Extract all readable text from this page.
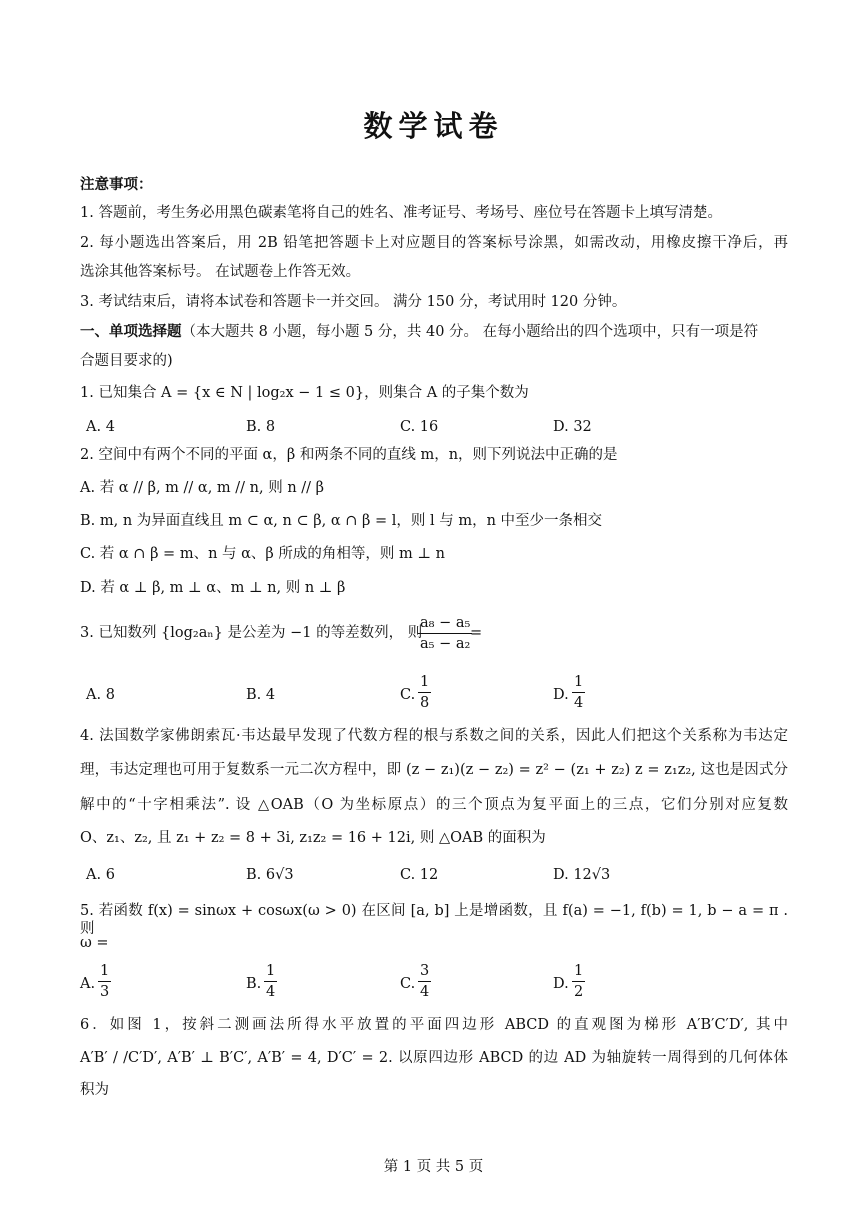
数学试卷
注意事项：
1. 答题前，考生务必用黑色碳素笔将自己的姓名、准考证号、考场号、座位号在答题卡上填写清楚。
2. 每小题选出答案后，用 2B 铅笔把答题卡上对应题目的答案标号涂黑，如需改动，用橡皮擦干净后，再
选涂其他答案标号。 在试题卷上作答无效。
3. 考试结束后，请将本试卷和答题卡一并交回。 满分 150 分，考试用时 120 分钟。
一、单项选择题（本大题共 8 小题，每小题 5 分，共 40 分。 在每小题给出的四个选项中，只有一项是符
合题目要求的)
1. 已知集合 A = {x ∈ N | log₂x − 1 ≤ 0}，则集合 A 的子集个数为
A. 4	B. 8	C. 16	D. 32
2. 空间中有两个不同的平面 α，β 和两条不同的直线 m，n，则下列说法中正确的是
A. 若 α // β, m // α, m // n, 则 n // β
B. m, n 为异面直线且 m ⊂ α, n ⊂ β, α ∩ β = l，则 l 与 m，n 中至少一条相交
C. 若 α ∩ β = m、n 与 α、β 所成的角相等，则 m ⊥ n
D. 若 α ⊥ β, m ⊥ α、m ⊥ n, 则 n ⊥ β
3. 已知数列 {log₂aₙ} 是公差为 −1 的等差数列， 则
$\frac{\text{a₈ − a₅}}{\text{a₅ − a₂}}$
=
A. 8	B. 4	C. $\frac{1}{8}$	D. $\frac{1}{4}$
4. 法国数学家佛朗索瓦·韦达最早发现了代数方程的根与系数之间的关系，因此人们把这个关系称为韦达定
理，韦达定理也可用于复数系一元二次方程中，即 (z − z₁)(z − z₂) = z² − (z₁ + z₂) z = z₁z₂, 这也是因式分
解中的“十字相乘法”. 设 △OAB（O 为坐标原点）的三个顶点为复平面上的三点，它们分别对应复数
O、z₁、z₂, 且 z₁ + z₂ = 8 + 3i, z₁z₂ = 16 + 12i, 则 △OAB 的面积为
A. 6	B. 6√3	C. 12	D. 12√3
5. 若函数 f(x) = sinωx + cosωx(ω > 0) 在区间 [a, b] 上是增函数，且 f(a) = −1, f(b) = 1, b − a = π . 则
ω =
A. $\frac{1}{3}$	B. $\frac{1}{4}$	C. $\frac{3}{4}$	D. $\frac{1}{2}$
6．如图 1，按斜二测画法所得水平放置的平面四边形 ABCD 的直观图为梯形 A′B′C′D′, 其中
A′B′ / /C′D′, A′B′ ⊥ B′C′, A′B′ = 4, D′C′ = 2. 以原四边形 ABCD 的边 AD 为轴旋转一周得到的几何体体
积为
第 1 页 共 5 页
